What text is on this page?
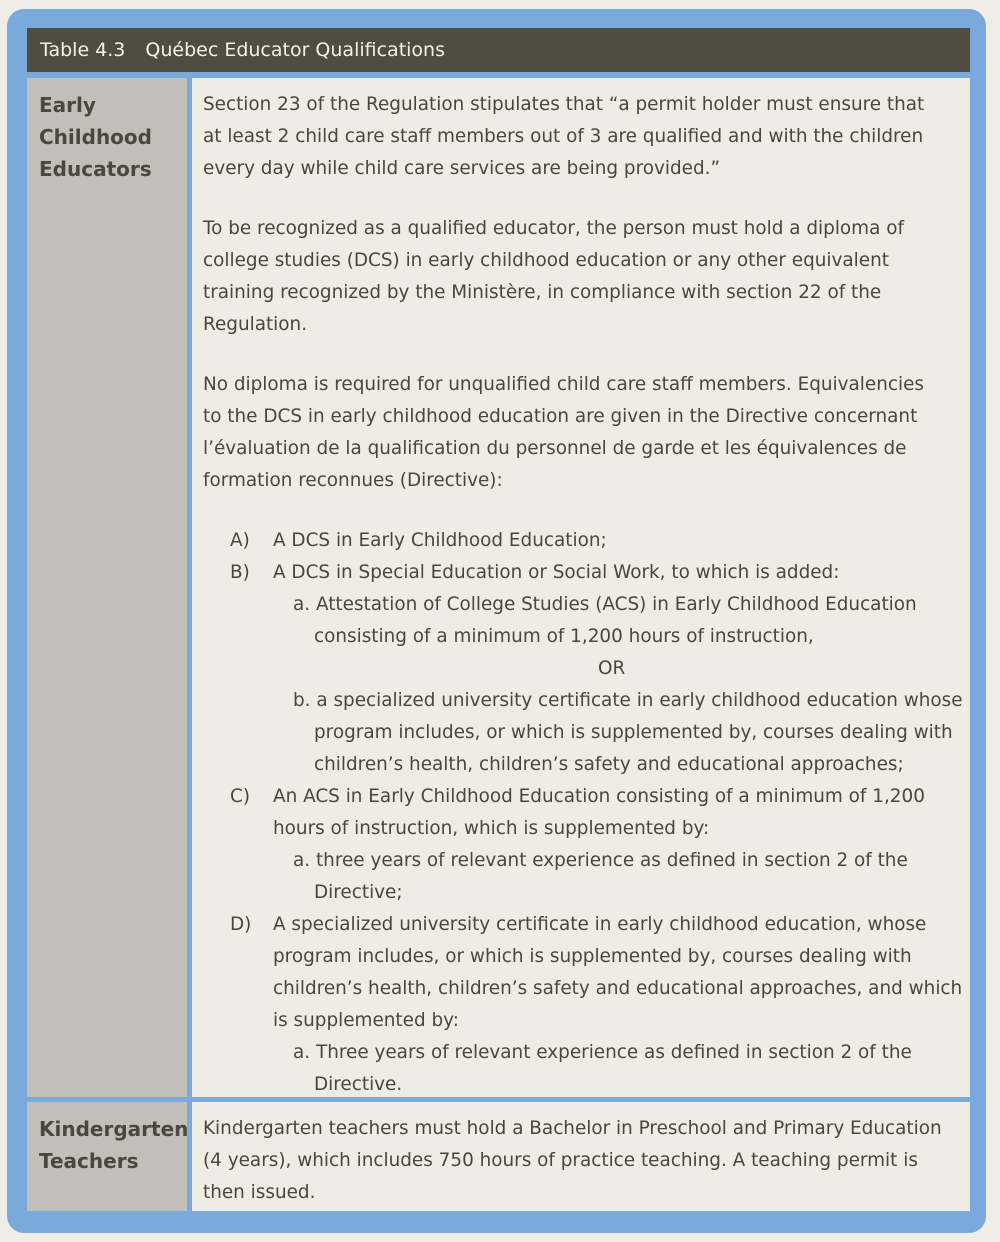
Table 4.3 Québec Educator Qualifications
Early
Childhood
Educators
Section 23 of the Regulation stipulates that “a permit holder must ensure that
at least 2 child care staff members out of 3 are qualified and with the children
every day while child care services are being provided.”
To be recognized as a qualified educator, the person must hold a diploma of
college studies (DCS) in early childhood education or any other equivalent
training recognized by the Ministère, in compliance with section 22 of the
Regulation.
No diploma is required for unqualified child care staff members. Equivalencies
to the DCS in early childhood education are given in the Directive concernant
l’évaluation de la qualification du personnel de garde et les équivalences de
formation reconnues (Directive):
A) A DCS in Early Childhood Education;
B) A DCS in Special Education or Social Work, to which is added:
a. Attestation of College Studies (ACS) in Early Childhood Education
consisting of a minimum of 1,200 hours of instruction,
OR
b. a specialized university certificate in early childhood education whose
program includes, or which is supplemented by, courses dealing with
children’s health, children’s safety and educational approaches;
C) An ACS in Early Childhood Education consisting of a minimum of 1,200
hours of instruction, which is supplemented by:
a. three years of relevant experience as defined in section 2 of the
Directive;
D) A specialized university certificate in early childhood education, whose
program includes, or which is supplemented by, courses dealing with
children’s health, children’s safety and educational approaches, and which
is supplemented by:
a. Three years of relevant experience as defined in section 2 of the
Directive.
Kindergarten
Teachers
Kindergarten teachers must hold a Bachelor in Preschool and Primary Education
(4 years), which includes 750 hours of practice teaching. A teaching permit is
then issued.
